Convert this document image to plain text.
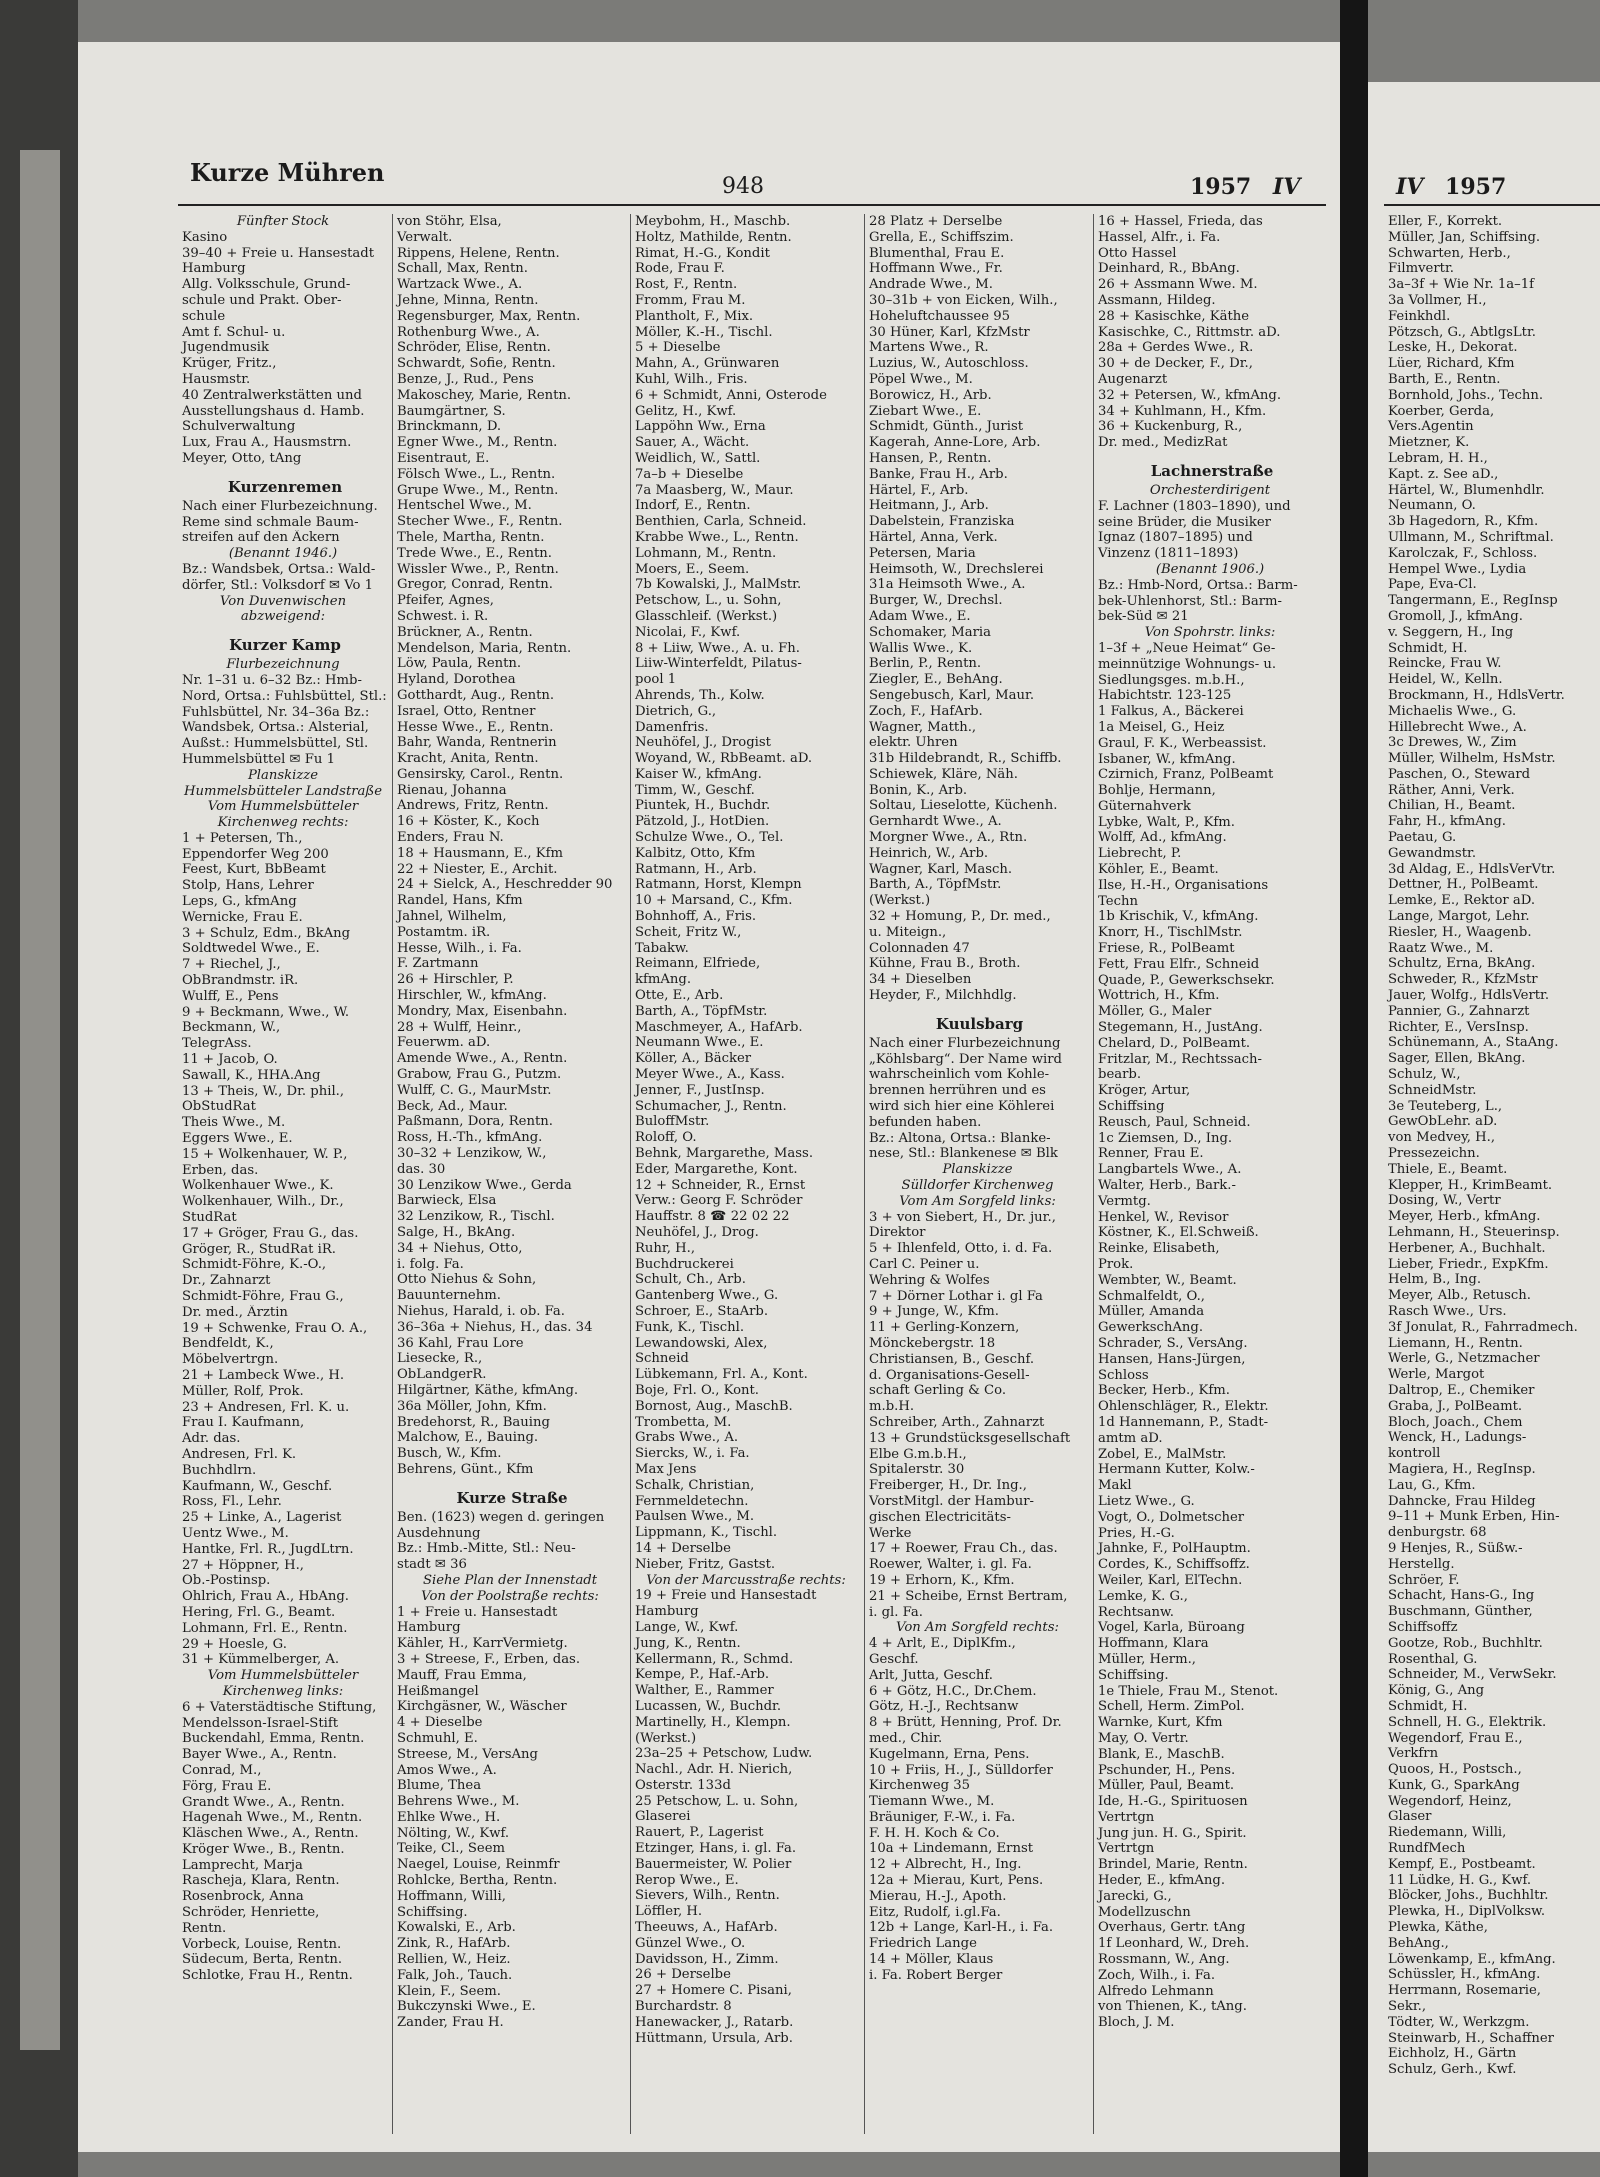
Kurze Mühren	948	1957 IV	IV 1957
Fünfter Stock
Kasino
39–40 + Freie u. Hansestadt
Hamburg
Allg. Volksschule, Grund-
schule und Prakt. Ober-
schule
Amt f. Schul- u.
Jugendmusik
Krüger, Fritz.,
Hausmstr.
40 Zentralwerkstätten und
Ausstellungshaus d. Hamb.
Schulverwaltung
Lux, Frau A., Hausmstrn.
Meyer, Otto, tAng
Kurzenremen
Nach einer Flurbezeichnung.
Reme sind schmale Baum-
streifen auf den Äckern
(Benannt 1946.)
Bz.: Wandsbek, Ortsa.: Wald-
dörfer, Stl.: Volksdorf ✉ Vo 1
Von Duvenwischen
abzweigend:
Kurzer Kamp
Flurbezeichnung
Nr. 1–31 u. 6–32 Bz.: Hmb-
Nord, Ortsa.: Fuhlsbüttel, Stl.:
Fuhlsbüttel, Nr. 34–36a Bz.:
Wandsbek, Ortsa.: Alsterial,
Außst.: Hummelsbüttel, Stl.
Hummelsbüttel ✉ Fu 1
Planskizze
Hummelsbütteler Landstraße
Vom Hummelsbütteler
Kirchenweg rechts:
1 + Petersen, Th.,
Eppendorfer Weg 200
Feest, Kurt, BbBeamt
Stolp, Hans, Lehrer
Leps, G., kfmAng
Wernicke, Frau E.
3 + Schulz, Edm., BkAng
Soldtwedel Wwe., E.
7 + Riechel, J.,
ObBrandmstr. iR.
Wulff, E., Pens
9 + Beckmann, Wwe., W.
Beckmann, W.,
TelegrAss.
11 + Jacob, O.
Sawall, K., HHA.Ang
13 + Theis, W., Dr. phil.,
ObStudRat
Theis Wwe., M.
Eggers Wwe., E.
15 + Wolkenhauer, W. P.,
Erben, das.
Wolkenhauer Wwe., K.
Wolkenhauer, Wilh., Dr.,
StudRat
17 + Gröger, Frau G., das.
Gröger, R., StudRat iR.
Schmidt-Föhre, K.-O.,
Dr., Zahnarzt
Schmidt-Föhre, Frau G.,
Dr. med., Ärztin
19 + Schwenke, Frau O. A.,
Bendfeldt, K.,
Möbelvertrgn.
21 + Lambeck Wwe., H.
Müller, Rolf, Prok.
23 + Andresen, Frl. K. u.
Frau I. Kaufmann,
Adr. das.
Andresen, Frl. K.
Buchhdlrn.
Kaufmann, W., Geschf.
Ross, Fl., Lehr.
25 + Linke, A., Lagerist
Uentz Wwe., M.
Hantke, Frl. R., JugdLtrn.
27 + Höppner, H.,
Ob.-Postinsp.
Ohlrich, Frau A., HbAng.
Hering, Frl. G., Beamt.
Lohmann, Frl. E., Rentn.
29 + Hoesle, G.
31 + Kümmelberger, A.
Vom Hummelsbütteler
Kirchenweg links:
6 + Vaterstädtische Stiftung,
Mendelsson-Israel-Stift
Buckendahl, Emma, Rentn.
Bayer Wwe., A., Rentn.
Conrad, M.,
Förg, Frau E.
Grandt Wwe., A., Rentn.
Hagenah Wwe., M., Rentn.
Kläschen Wwe., A., Rentn.
Kröger Wwe., B., Rentn.
Lamprecht, Marja
Rascheja, Klara, Rentn.
Rosenbrock, Anna
Schröder, Henriette,
Rentn.
Vorbeck, Louise, Rentn.
Südecum, Berta, Rentn.
Schlotke, Frau H., Rentn.
von Stöhr, Elsa,
Verwalt.
Rippens, Helene, Rentn.
Schall, Max, Rentn.
Wartzack Wwe., A.
Jehne, Minna, Rentn.
Regensburger, Max, Rentn.
Rothenburg Wwe., A.
Schröder, Elise, Rentn.
Schwardt, Sofie, Rentn.
Benze, J., Rud., Pens
Makoschey, Marie, Rentn.
Baumgärtner, S.
Brinckmann, D.
Egner Wwe., M., Rentn.
Eisentraut, E.
Fölsch Wwe., L., Rentn.
Grupe Wwe., M., Rentn.
Hentschel Wwe., M.
Stecher Wwe., F., Rentn.
Thele, Martha, Rentn.
Trede Wwe., E., Rentn.
Wissler Wwe., P., Rentn.
Gregor, Conrad, Rentn.
Pfeifer, Agnes,
Schwest. i. R.
Brückner, A., Rentn.
Mendelson, Maria, Rentn.
Löw, Paula, Rentn.
Hyland, Dorothea
Gotthardt, Aug., Rentn.
Israel, Otto, Rentner
Hesse Wwe., E., Rentn.
Bahr, Wanda, Rentnerin
Kracht, Anita, Rentn.
Gensirsky, Carol., Rentn.
Rienau, Johanna
Andrews, Fritz, Rentn.
16 + Köster, K., Koch
Enders, Frau N.
18 + Hausmann, E., Kfm
22 + Niester, E., Archit.
24 + Sielck, A., Heschredder 90
Randel, Hans, Kfm
Jahnel, Wilhelm,
Postamtm. iR.
Hesse, Wilh., i. Fa.
F. Zartmann
26 + Hirschler, P.
Hirschler, W., kfmAng.
Mondry, Max, Eisenbahn.
28 + Wulff, Heinr.,
Feuerwm. aD.
Amende Wwe., A., Rentn.
Grabow, Frau G., Putzm.
Wulff, C. G., MaurMstr.
Beck, Ad., Maur.
Paßmann, Dora, Rentn.
Ross, H.-Th., kfmAng.
30–32 + Lenzikow, W.,
das. 30
30 Lenzikow Wwe., Gerda
Barwieck, Elsa
32 Lenzikow, R., Tischl.
Salge, H., BkAng.
34 + Niehus, Otto,
i. folg. Fa.
Otto Niehus & Sohn,
Bauunternehm.
Niehus, Harald, i. ob. Fa.
36–36a + Niehus, H., das. 34
36 Kahl, Frau Lore
Liesecke, R.,
ObLandgerR.
Hilgärtner, Käthe, kfmAng.
36a Möller, John, Kfm.
Bredehorst, R., Bauing
Malchow, E., Bauing.
Busch, W., Kfm.
Behrens, Günt., Kfm
Kurze Straße
Ben. (1623) wegen d. geringen
Ausdehnung
Bz.: Hmb.-Mitte, Stl.: Neu-
stadt ✉ 36
Siehe Plan der Innenstadt
Von der Poolstraße rechts:
1 + Freie u. Hansestadt
Hamburg
Kähler, H., KarrVermietg.
3 + Streese, F., Erben, das.
Mauff, Frau Emma,
Heißmangel
Kirchgäsner, W., Wäscher
4 + Dieselbe
Schmuhl, E.
Streese, M., VersAng
Amos Wwe., A.
Blume, Thea
Behrens Wwe., M.
Ehlke Wwe., H.
Nölting, W., Kwf.
Teike, Cl., Seem
Naegel, Louise, Reinmfr
Rohlcke, Bertha, Rentn.
Hoffmann, Willi,
Schiffsing.
Kowalski, E., Arb.
Zink, R., HafArb.
Rellien, W., Heiz.
Falk, Joh., Tauch.
Klein, F., Seem.
Bukczynski Wwe., E.
Zander, Frau H.
Meybohm, H., Maschb.
Holtz, Mathilde, Rentn.
Rimat, H.-G., Kondit
Rode, Frau F.
Rost, F., Rentn.
Fromm, Frau M.
Plantholt, F., Mix.
Möller, K.-H., Tischl.
5 + Dieselbe
Mahn, A., Grünwaren
Kuhl, Wilh., Fris.
6 + Schmidt, Anni, Osterode
Gelitz, H., Kwf.
Lappöhn Ww., Erna
Sauer, A., Wächt.
Weidlich, W., Sattl.
7a–b + Dieselbe
7a Maasberg, W., Maur.
Indorf, E., Rentn.
Benthien, Carla, Schneid.
Krabbe Wwe., L., Rentn.
Lohmann, M., Rentn.
Moers, E., Seem.
7b Kowalski, J., MalMstr.
Petschow, L., u. Sohn,
Glasschleif. (Werkst.)
Nicolai, F., Kwf.
8 + Liiw, Wwe., A. u. Fh.
Liiw-Winterfeldt, Pilatus-
pool 1
Ahrends, Th., Kolw.
Dietrich, G.,
Damenfris.
Neuhöfel, J., Drogist
Woyand, W., RbBeamt. aD.
Kaiser W., kfmAng.
Timm, W., Geschf.
Piuntek, H., Buchdr.
Pätzold, J., HotDien.
Schulze Wwe., O., Tel.
Kalbitz, Otto, Kfm
Ratmann, H., Arb.
Ratmann, Horst, Klempn
10 + Marsand, C., Kfm.
Bohnhoff, A., Fris.
Scheit, Fritz W.,
Tabakw.
Reimann, Elfriede,
kfmAng.
Otte, E., Arb.
Barth, A., TöpfMstr.
Maschmeyer, A., HafArb.
Neumann Wwe., E.
Köller, A., Bäcker
Meyer Wwe., A., Kass.
Jenner, F., JustInsp.
Schumacher, J., Rentn.
BuloffMstr.
Roloff, O.
Behnk, Margarethe, Mass.
Eder, Margarethe, Kont.
12 + Schneider, R., Ernst
Verw.: Georg F. Schröder
Hauffstr. 8 ☎ 22 02 22
Neuhöfel, J., Drog.
Ruhr, H.,
Buchdruckerei
Schult, Ch., Arb.
Gantenberg Wwe., G.
Schroer, E., StaArb.
Funk, K., Tischl.
Lewandowski, Alex,
Schneid
Lübkemann, Frl. A., Kont.
Boje, Frl. O., Kont.
Bornost, Aug., MaschB.
Trombetta, M.
Grabs Wwe., A.
Siercks, W., i. Fa.
Max Jens
Schalk, Christian,
Fernmeldetechn.
Paulsen Wwe., M.
Lippmann, K., Tischl.
14 + Derselbe
Nieber, Fritz, Gastst.
Von der Marcusstraße rechts:
19 + Freie und Hansestadt
Hamburg
Lange, W., Kwf.
Jung, K., Rentn.
Kellermann, R., Schmd.
Kempe, P., Haf.-Arb.
Walther, E., Rammer
Lucassen, W., Buchdr.
Martinelly, H., Klempn.
(Werkst.)
23a–25 + Petschow, Ludw.
Nachl., Adr. H. Nierich,
Osterstr. 133d
25 Petschow, L. u. Sohn,
Glaserei
Rauert, P., Lagerist
Etzinger, Hans, i. gl. Fa.
Bauermeister, W. Polier
Rerop Wwe., E.
Sievers, Wilh., Rentn.
Löffler, H.
Theeuws, A., HafArb.
Günzel Wwe., O.
Davidsson, H., Zimm.
26 + Derselbe
27 + Homere C. Pisani,
Burchardstr. 8
Hanewacker, J., Ratarb.
Hüttmann, Ursula, Arb.
28 Platz + Derselbe
Grella, E., Schiffszim.
Blumenthal, Frau E.
Hoffmann Wwe., Fr.
Andrade Wwe., M.
30–31b + von Eicken, Wilh.,
Hoheluftchaussee 95
30 Hüner, Karl, KfzMstr
Martens Wwe., R.
Luzius, W., Autoschloss.
Pöpel Wwe., M.
Borowicz, H., Arb.
Ziebart Wwe., E.
Schmidt, Günth., Jurist
Kagerah, Anne-Lore, Arb.
Hansen, P., Rentn.
Banke, Frau H., Arb.
Härtel, F., Arb.
Heitmann, J., Arb.
Dabelstein, Franziska
Härtel, Anna, Verk.
Petersen, Maria
Heimsoth, W., Drechslerei
31a Heimsoth Wwe., A.
Burger, W., Drechsl.
Adam Wwe., E.
Schomaker, Maria
Wallis Wwe., K.
Berlin, P., Rentn.
Ziegler, E., BehAng.
Sengebusch, Karl, Maur.
Zoch, F., HafArb.
Wagner, Matth.,
elektr. Uhren
31b Hildebrandt, R., Schiffb.
Schiewek, Kläre, Näh.
Bonin, K., Arb.
Soltau, Lieselotte, Küchenh.
Gernhardt Wwe., A.
Morgner Wwe., A., Rtn.
Heinrich, W., Arb.
Wagner, Karl, Masch.
Barth, A., TöpfMstr.
(Werkst.)
32 + Homung, P., Dr. med.,
u. Miteign.,
Colonnaden 47
Kühne, Frau B., Broth.
34 + Dieselben
Heyder, F., Milchhdlg.
Kuulsbarg
Nach einer Flurbezeichnung
„Köhlsbarg“. Der Name wird
wahrscheinlich vom Kohle-
brennen herrühren und es
wird sich hier eine Köhlerei
befunden haben.
Bz.: Altona, Ortsa.: Blanke-
nese, Stl.: Blankenese ✉ Blk
Planskizze
Sülldorfer Kirchenweg
Vom Am Sorgfeld links:
3 + von Siebert, H., Dr. jur.,
Direktor
5 + Ihlenfeld, Otto, i. d. Fa.
Carl C. Peiner u.
Wehring & Wolfes
7 + Dörner Lothar i. gl Fa
9 + Junge, W., Kfm.
11 + Gerling-Konzern,
Mönckebergstr. 18
Christiansen, B., Geschf.
d. Organisations-Gesell-
schaft Gerling & Co.
m.b.H.
Schreiber, Arth., Zahnarzt
13 + Grundstücksgesellschaft
Elbe G.m.b.H.,
Spitalerstr. 30
Freiberger, H., Dr. Ing.,
VorstMitgl. der Hambur-
gischen Electricitäts-
Werke
17 + Roewer, Frau Ch., das.
Roewer, Walter, i. gl. Fa.
19 + Erhorn, K., Kfm.
21 + Scheibe, Ernst Bertram,
i. gl. Fa.
Von Am Sorgfeld rechts:
4 + Arlt, E., DiplKfm.,
Geschf.
Arlt, Jutta, Geschf.
6 + Götz, H.C., Dr.Chem.
Götz, H.-J., Rechtsanw
8 + Brütt, Henning, Prof. Dr.
med., Chir.
Kugelmann, Erna, Pens.
10 + Friis, H., J., Sülldorfer
Kirchenweg 35
Tiemann Wwe., M.
Bräuniger, F.-W., i. Fa.
F. H. H. Koch & Co.
10a + Lindemann, Ernst
12 + Albrecht, H., Ing.
12a + Mierau, Kurt, Pens.
Mierau, H.-J., Apoth.
Eitz, Rudolf, i.gl.Fa.
12b + Lange, Karl-H., i. Fa.
Friedrich Lange
14 + Möller, Klaus
i. Fa. Robert Berger
16 + Hassel, Frieda, das
Hassel, Alfr., i. Fa.
Otto Hassel
Deinhard, R., BbAng.
26 + Assmann Wwe. M.
Assmann, Hildeg.
28 + Kasischke, Käthe
Kasischke, C., Rittmstr. aD.
28a + Gerdes Wwe., R.
30 + de Decker, F., Dr.,
Augenarzt
32 + Petersen, W., kfmAng.
34 + Kuhlmann, H., Kfm.
36 + Kuckenburg, R.,
Dr. med., MedizRat
Lachnerstraße
Orchesterdirigent
F. Lachner (1803–1890), und
seine Brüder, die Musiker
Ignaz (1807–1895) und
Vinzenz (1811–1893)
(Benannt 1906.)
Bz.: Hmb-Nord, Ortsa.: Barm-
bek-Uhlenhorst, Stl.: Barm-
bek-Süd ✉ 21
Von Spohrstr. links:
1–3f + „Neue Heimat“ Ge-
meinnützige Wohnungs- u.
Siedlungsges. m.b.H.,
Habichtstr. 123-125
1 Falkus, A., Bäckerei
1a Meisel, G., Heiz
Graul, F. K., Werbeassist.
Isbaner, W., kfmAng.
Czirnich, Franz, PolBeamt
Bohlje, Hermann,
Güternahverk
Lybke, Walt, P., Kfm.
Wolff, Ad., kfmAng.
Liebrecht, P.
Köhler, E., Beamt.
Ilse, H.-H., Organisations
Techn
1b Krischik, V., kfmAng.
Knorr, H., TischlMstr.
Friese, R., PolBeamt
Fett, Frau Elfr., Schneid
Quade, P., Gewerkschsekr.
Wottrich, H., Kfm.
Möller, G., Maler
Stegemann, H., JustAng.
Chelard, D., PolBeamt.
Fritzlar, M., Rechtssach-
bearb.
Kröger, Artur,
Schiffsing
Reusch, Paul, Schneid.
1c Ziemsen, D., Ing.
Renner, Frau E.
Langbartels Wwe., A.
Walter, Herb., Bark.-
Vermtg.
Henkel, W., Revisor
Köstner, K., El.Schweiß.
Reinke, Elisabeth,
Prok.
Wembter, W., Beamt.
Schmalfeldt, O.,
Müller, Amanda
GewerkschAng.
Schrader, S., VersAng.
Hansen, Hans-Jürgen,
Schloss
Becker, Herb., Kfm.
Öhlenschläger, R., Elektr.
1d Hannemann, P., Stadt-
amtm aD.
Zobel, E., MalMstr.
Hermann Kutter, Kolw.-
Makl
Lietz Wwe., G.
Vogt, O., Dolmetscher
Pries, H.-G.
Jahnke, F., PolHauptm.
Cordes, K., Schiffsoffz.
Weiler, Karl, ElTechn.
Lemke, K. G.,
Rechtsanw.
Vogel, Karla, Büroang
Hoffmann, Klara
Müller, Herm.,
Schiffsing.
1e Thiele, Frau M., Stenot.
Schell, Herm. ZimPol.
Warnke, Kurt, Kfm
May, O. Vertr.
Blank, E., MaschB.
Pschunder, H., Pens.
Müller, Paul, Beamt.
Ide, H.-G., Spirituosen
Vertrtgn
Jung jun. H. G., Spirit.
Vertrtgn
Brindel, Marie, Rentn.
Heder, E., kfmAng.
Jarecki, G.,
Modellzuschn
Overhaus, Gertr. tAng
1f Leonhard, W., Dreh.
Rossmann, W., Ang.
Zoch, Wilh., i. Fa.
Alfredo Lehmann
von Thienen, K., tAng.
Bloch, J. M.
Eller, F., Korrekt.
Müller, Jan, Schiffsing.
Schwarten, Herb.,
Filmvertr.
3a–3f + Wie Nr. 1a–1f
3a Vollmer, H.,
Feinkhdl.
Pötzsch, G., AbtlgsLtr.
Leske, H., Dekorat.
Lüer, Richard, Kfm
Barth, E., Rentn.
Bornhold, Johs., Techn.
Koerber, Gerda,
Vers.Agentin
Mietzner, K.
Lebram, H. H.,
Kapt. z. See aD.,
Härtel, W., Blumenhdlr.
Neumann, O.
3b Hagedorn, R., Kfm.
Ullmann, M., Schriftmal.
Karolczak, F., Schloss.
Hempel Wwe., Lydia
Pape, Eva-Cl.
Tangermann, E., RegInsp
Gromoll, J., kfmAng.
v. Seggern, H., Ing
Schmidt, H.
Reincke, Frau W.
Heidel, W., Kelln.
Brockmann, H., HdlsVertr.
Michaelis Wwe., G.
Hillebrecht Wwe., A.
3c Drewes, W., Zim
Müller, Wilhelm, HsMstr.
Paschen, O., Steward
Räther, Anni, Verk.
Chilian, H., Beamt.
Fahr, H., kfmAng.
Paetau, G.
Gewandmstr.
3d Aldag, E., HdlsVerVtr.
Dettner, H., PolBeamt.
Lemke, E., Rektor aD.
Lange, Margot, Lehr.
Riesler, H., Waagenb.
Raatz Wwe., M.
Schultz, Erna, BkAng.
Schweder, R., KfzMstr
Jauer, Wolfg., HdlsVertr.
Pannier, G., Zahnarzt
Richter, E., VersInsp.
Schünemann, A., StaAng.
Sager, Ellen, BkAng.
Schulz, W.,
SchneidMstr.
3e Teuteberg, L.,
GewObLehr. aD.
von Medvey, H.,
Pressezeichn.
Thiele, E., Beamt.
Klepper, H., KrimBeamt.
Dosing, W., Vertr
Meyer, Herb., kfmAng.
Lehmann, H., Steuerinsp.
Herbener, A., Buchhalt.
Lieber, Friedr., ExpKfm.
Helm, B., Ing.
Meyer, Alb., Retusch.
Rasch Wwe., Urs.
3f Jonulat, R., Fahrradmech.
Liemann, H., Rentn.
Werle, G., Netzmacher
Werle, Margot
Daltrop, E., Chemiker
Graba, J., PolBeamt.
Bloch, Joach., Chem
Wenck, H., Ladungs-
kontroll
Magiera, H., RegInsp.
Lau, G., Kfm.
Dahncke, Frau Hildeg
9–11 + Munk Erben, Hin-
denburgstr. 68
9 Henjes, R., Süßw.-
Herstellg.
Schröer, F.
Schacht, Hans-G., Ing
Buschmann, Günther,
Schiffsoffz
Gootze, Rob., Buchhltr.
Rosenthal, G.
Schneider, M., VerwSekr.
König, G., Ang
Schmidt, H.
Schnell, H. G., Elektrik.
Wegendorf, Frau E.,
Verkfrn
Quoos, H., Postsch.,
Kunk, G., SparkAng
Wegendorf, Heinz,
Glaser
Riedemann, Willi,
RundfMech
Kempf, E., Postbeamt.
11 Lüdke, H. G., Kwf.
Blöcker, Johs., Buchhltr.
Plewka, H., DiplVolksw.
Plewka, Käthe,
BehAng.,
Löwenkamp, E., kfmAng.
Schüssler, H., kfmAng.
Herrmann, Rosemarie,
Sekr.,
Tödter, W., Werkzgm.
Steinwarb, H., Schaffner
Eichholz, H., Gärtn
Schulz, Gerh., Kwf.
